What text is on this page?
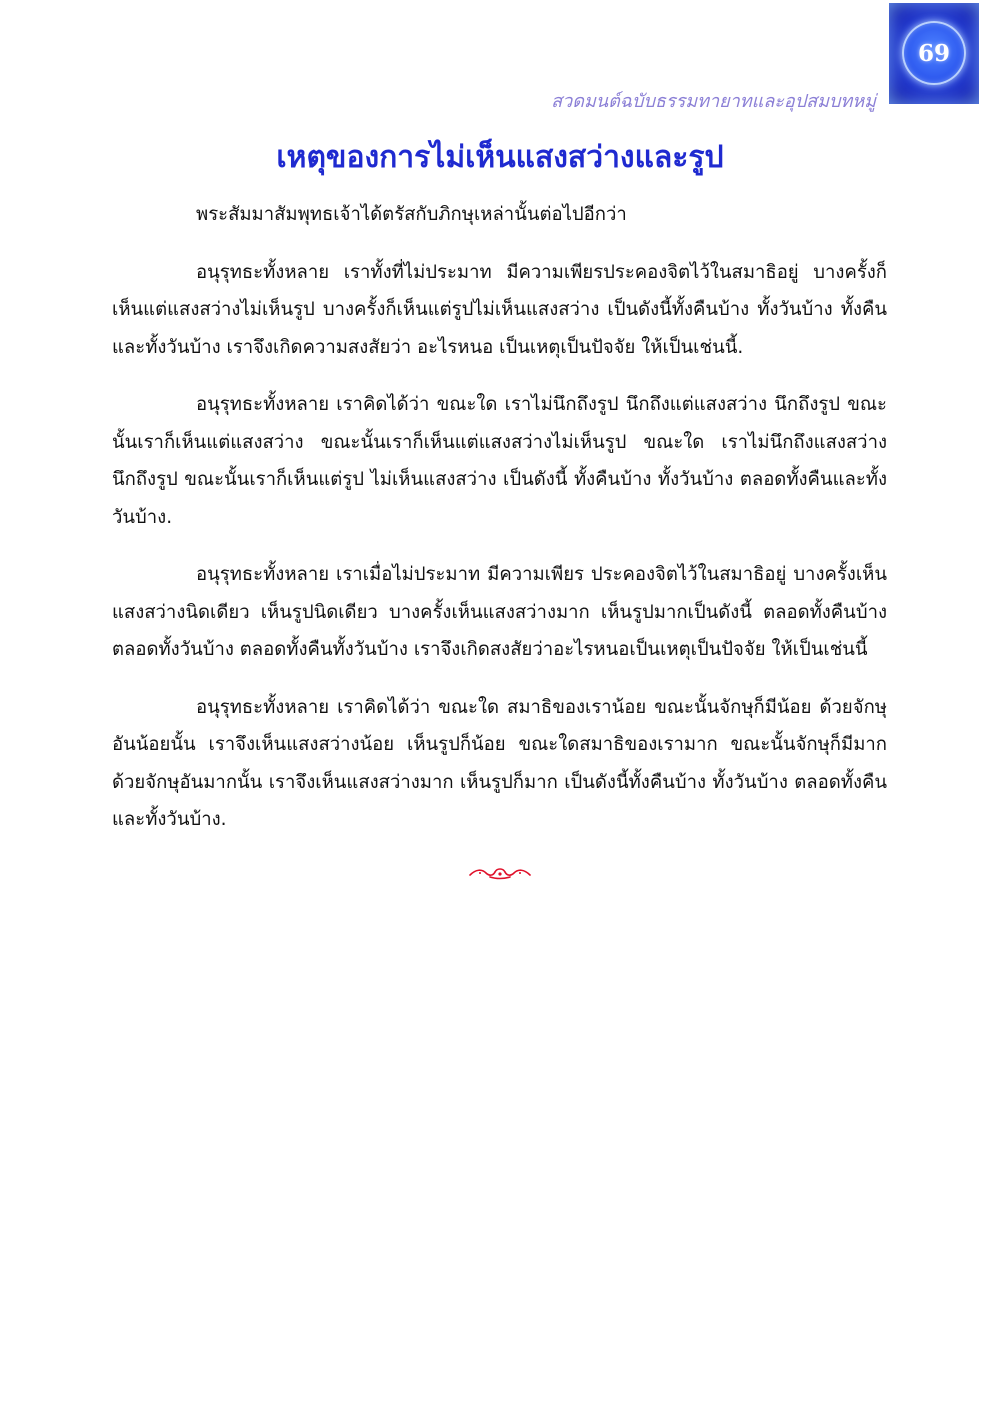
69
สวดมนต์ฉบับธรรมทายาทและอุปสมบทหมู่
เหตุของการไม่เห็นแสงสว่างและรูป

พระสัมมาสัมพุทธเจ้าได้ตรัสกับภิกษุเหล่านั้นต่อไปอีกว่า

อนุรุทธะทั้งหลาย เราทั้งที่ไม่ประมาท มีความเพียรประคองจิตไว้ในสมาธิอยู่ บางครั้งก็เห็นแต่แสงสว่างไม่เห็นรูป บางครั้งก็เห็นแต่รูปไม่เห็นแสงสว่าง เป็นดังนี้ทั้งคืนบ้าง ทั้งวันบ้าง ทั้งคืนและทั้งวันบ้าง เราจึงเกิดความสงสัยว่า อะไรหนอ เป็นเหตุเป็นปัจจัย ให้เป็นเช่นนี้.

อนุรุทธะทั้งหลาย เราคิดได้ว่า ขณะใด เราไม่นึกถึงรูป นึกถึงแต่แสงสว่าง นึกถึงรูป ขณะนั้นเราก็เห็นแต่แสงสว่าง ขณะนั้นเราก็เห็นแต่แสงสว่างไม่เห็นรูป ขณะใด เราไม่นึกถึงแสงสว่าง นึกถึงรูป ขณะนั้นเราก็เห็นแต่รูป ไม่เห็นแสงสว่าง เป็นดังนี้ ทั้งคืนบ้าง ทั้งวันบ้าง ตลอดทั้งคืนและทั้งวันบ้าง.

อนุรุทธะทั้งหลาย เราเมื่อไม่ประมาท มีความเพียร ประคองจิตไว้ในสมาธิอยู่ บางครั้งเห็นแสงสว่างนิดเดียว เห็นรูปนิดเดียว บางครั้งเห็นแสงสว่างมาก เห็นรูปมากเป็นดังนี้ ตลอดทั้งคืนบ้าง ตลอดทั้งวันบ้าง ตลอดทั้งคืนทั้งวันบ้าง เราจึงเกิดสงสัยว่าอะไรหนอเป็นเหตุเป็นปัจจัย ให้เป็นเช่นนี้

อนุรุทธะทั้งหลาย เราคิดได้ว่า ขณะใด สมาธิของเราน้อย ขณะนั้นจักษุก็มีน้อย ด้วยจักษุอันน้อยนั้น เราจึงเห็นแสงสว่างน้อย เห็นรูปก็น้อย ขณะใดสมาธิของเรามาก ขณะนั้นจักษุก็มีมาก ด้วยจักษุอันมากนั้น เราจึงเห็นแสงสว่างมาก เห็นรูปก็มาก เป็นดังนี้ทั้งคืนบ้าง ทั้งวันบ้าง ตลอดทั้งคืนและทั้งวันบ้าง.
